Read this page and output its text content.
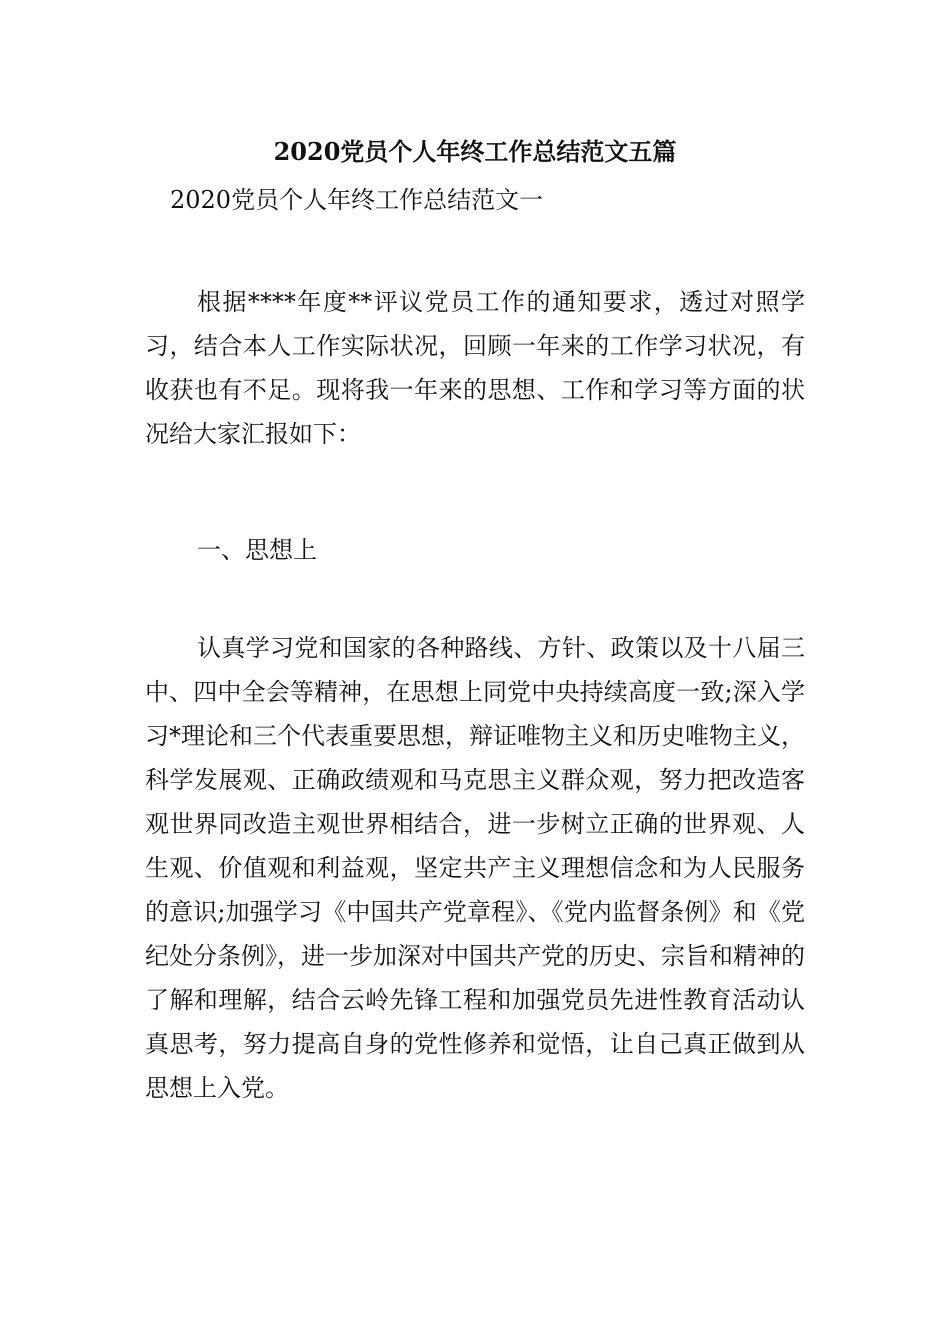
2020党员个人年终工作总结范文五篇

2020党员个人年终工作总结范文一

根据****年度**评议党员工作的通知要求，透过对照学习，结合本人工作实际状况，回顾一年来的工作学习状况，有收获也有不足。现将我一年来的思想、工作和学习等方面的状况给大家汇报如下：

一、思想上

认真学习党和国家的各种路线、方针、政策以及十八届三中、四中全会等精神，在思想上同党中央持续高度一致;深入学习*理论和三个代表重要思想，辩证唯物主义和历史唯物主义，科学发展观、正确政绩观和马克思主义群众观，努力把改造客观世界同改造主观世界相结合，进一步树立正确的世界观、人生观、价值观和利益观，坚定共产主义理想信念和为人民服务的意识;加强学习《中国共产党章程》、《党内监督条例》和《党纪处分条例》，进一步加深对中国共产党的历史、宗旨和精神的了解和理解，结合云岭先锋工程和加强党员先进性教育活动认真思考，努力提高自身的党性修养和觉悟，让自己真正做到从思想上入党。
